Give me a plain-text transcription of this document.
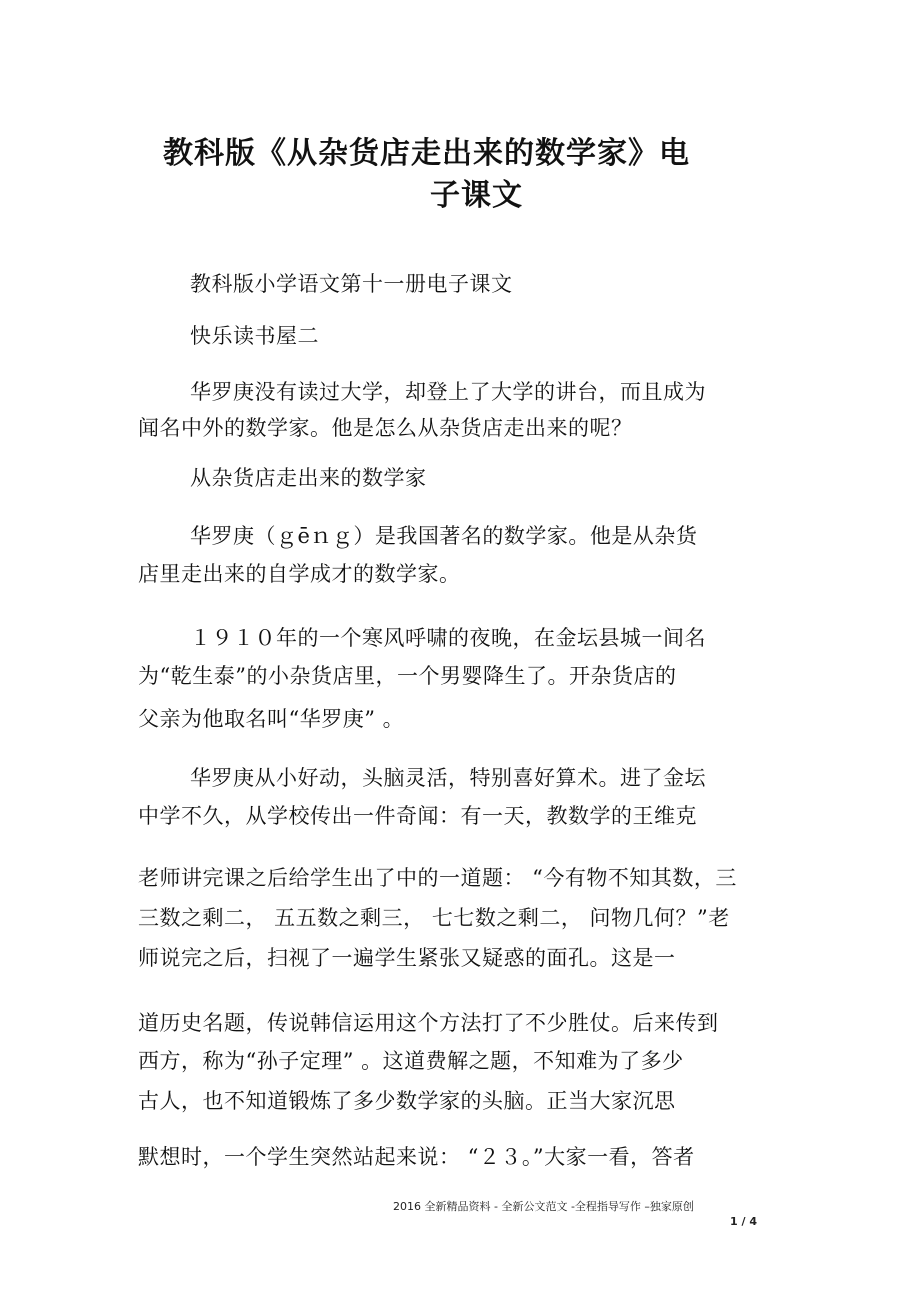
教科版《从杂货店走出来的数学家》电
子课文

教科版小学语文第十一册电子课文

快乐读书屋二

华罗庚没有读过大学，却登上了大学的讲台，而且成为

闻名中外的数学家。他是怎么从杂货店走出来的呢？

从杂货店走出来的数学家

华罗庚（ｇēｎｇ）是我国著名的数学家。他是从杂货

店里走出来的自学成才的数学家。

１９１０年的一个寒风呼啸的夜晚，在金坛县城一间名

为“乾生泰”的小杂货店里，一个男婴降生了。开杂货店的

父亲为他取名叫“华罗庚” 。

华罗庚从小好动，头脑灵活，特别喜好算术。进了金坛

中学不久，从学校传出一件奇闻：有一天，教数学的王维克

老师讲完课之后给学生出了中的一道题： “今有物不知其数，三

三数之剩二， 五五数之剩三， 七七数之剩二， 问物几何？”老

师说完之后，扫视了一遍学生紧张又疑惑的面孔。这是一

道历史名题，传说韩信运用这个方法打了不少胜仗。后来传到

西方，称为“孙子定理” 。这道费解之题，不知难为了多少

古人，也不知道锻炼了多少数学家的头脑。正当大家沉思

默想时，一个学生突然站起来说： “２３。”大家一看，答者

2016 全新精品资料 - 全新公文范文 -全程指导写作 –独家原创
1 / 4
